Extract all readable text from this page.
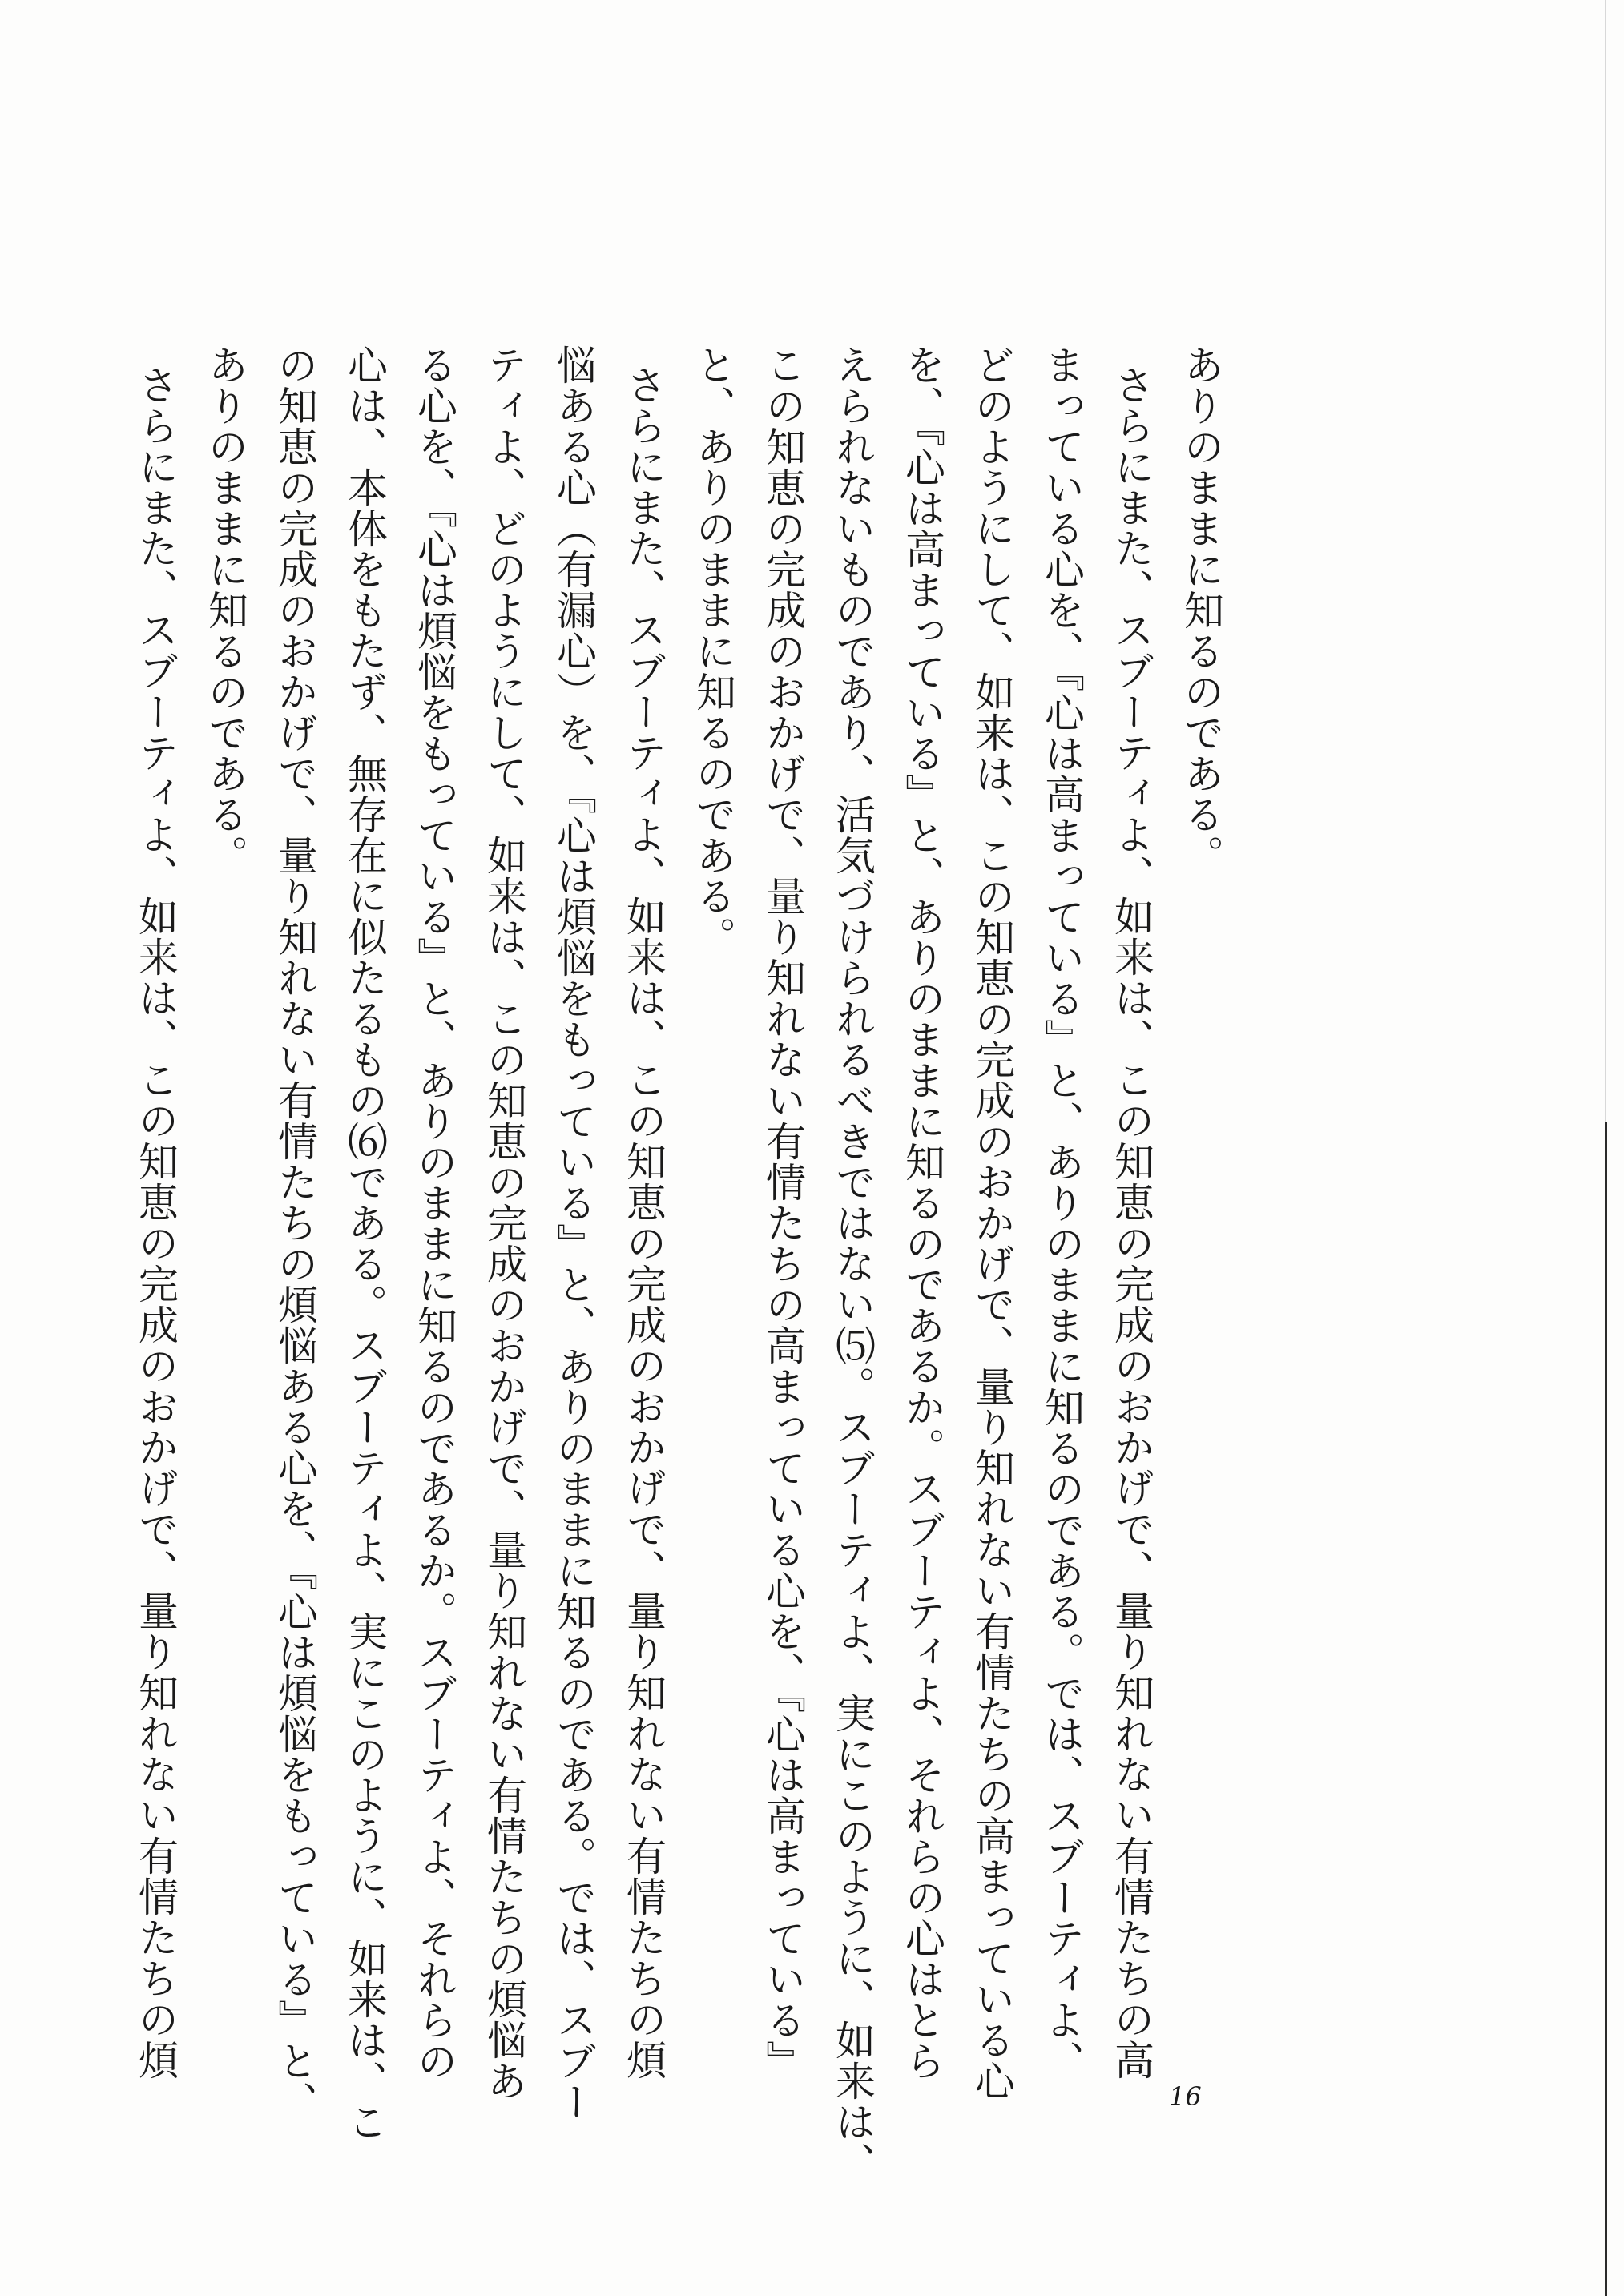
ありのままに知るのである。
さらにまた、スブーティよ、如来は、この知恵の完成のおかげで、量り知れない有情たちの高
まっている心を、『心は高まっている』と、ありのままに知るのである。では、スブーティよ、
どのようにして、如来は、この知恵の完成のおかげで、量り知れない有情たちの高まっている心
を、『心は高まっている』と、ありのままに知るのであるか。スブーティよ、それらの心はとら
えられないものであり、活気づけられるべきではない⑸。スブーティよ、実にこのように、如来は、
この知恵の完成のおかげで、量り知れない有情たちの高まっている心を、『心は高まっている』
と、ありのままに知るのである。
さらにまた、スブーティよ、如来は、この知恵の完成のおかげで、量り知れない有情たちの煩
悩ある心（有漏心）を、『心は煩悩をもっている』と、ありのままに知るのである。では、スブー
ティよ、どのようにして、如来は、この知恵の完成のおかげで、量り知れない有情たちの煩悩あ
る心を、『心は煩悩をもっている』と、ありのままに知るのであるか。スブーティよ、それらの
心は、本体をもたず、無存在に似たるもの⑹である。スブーティよ、実にこのように、如来は、こ
の知恵の完成のおかげで、量り知れない有情たちの煩悩ある心を、『心は煩悩をもっている』と、
ありのままに知るのである。
さらにまた、スブーティよ、如来は、この知恵の完成のおかげで、量り知れない有情たちの煩
16
